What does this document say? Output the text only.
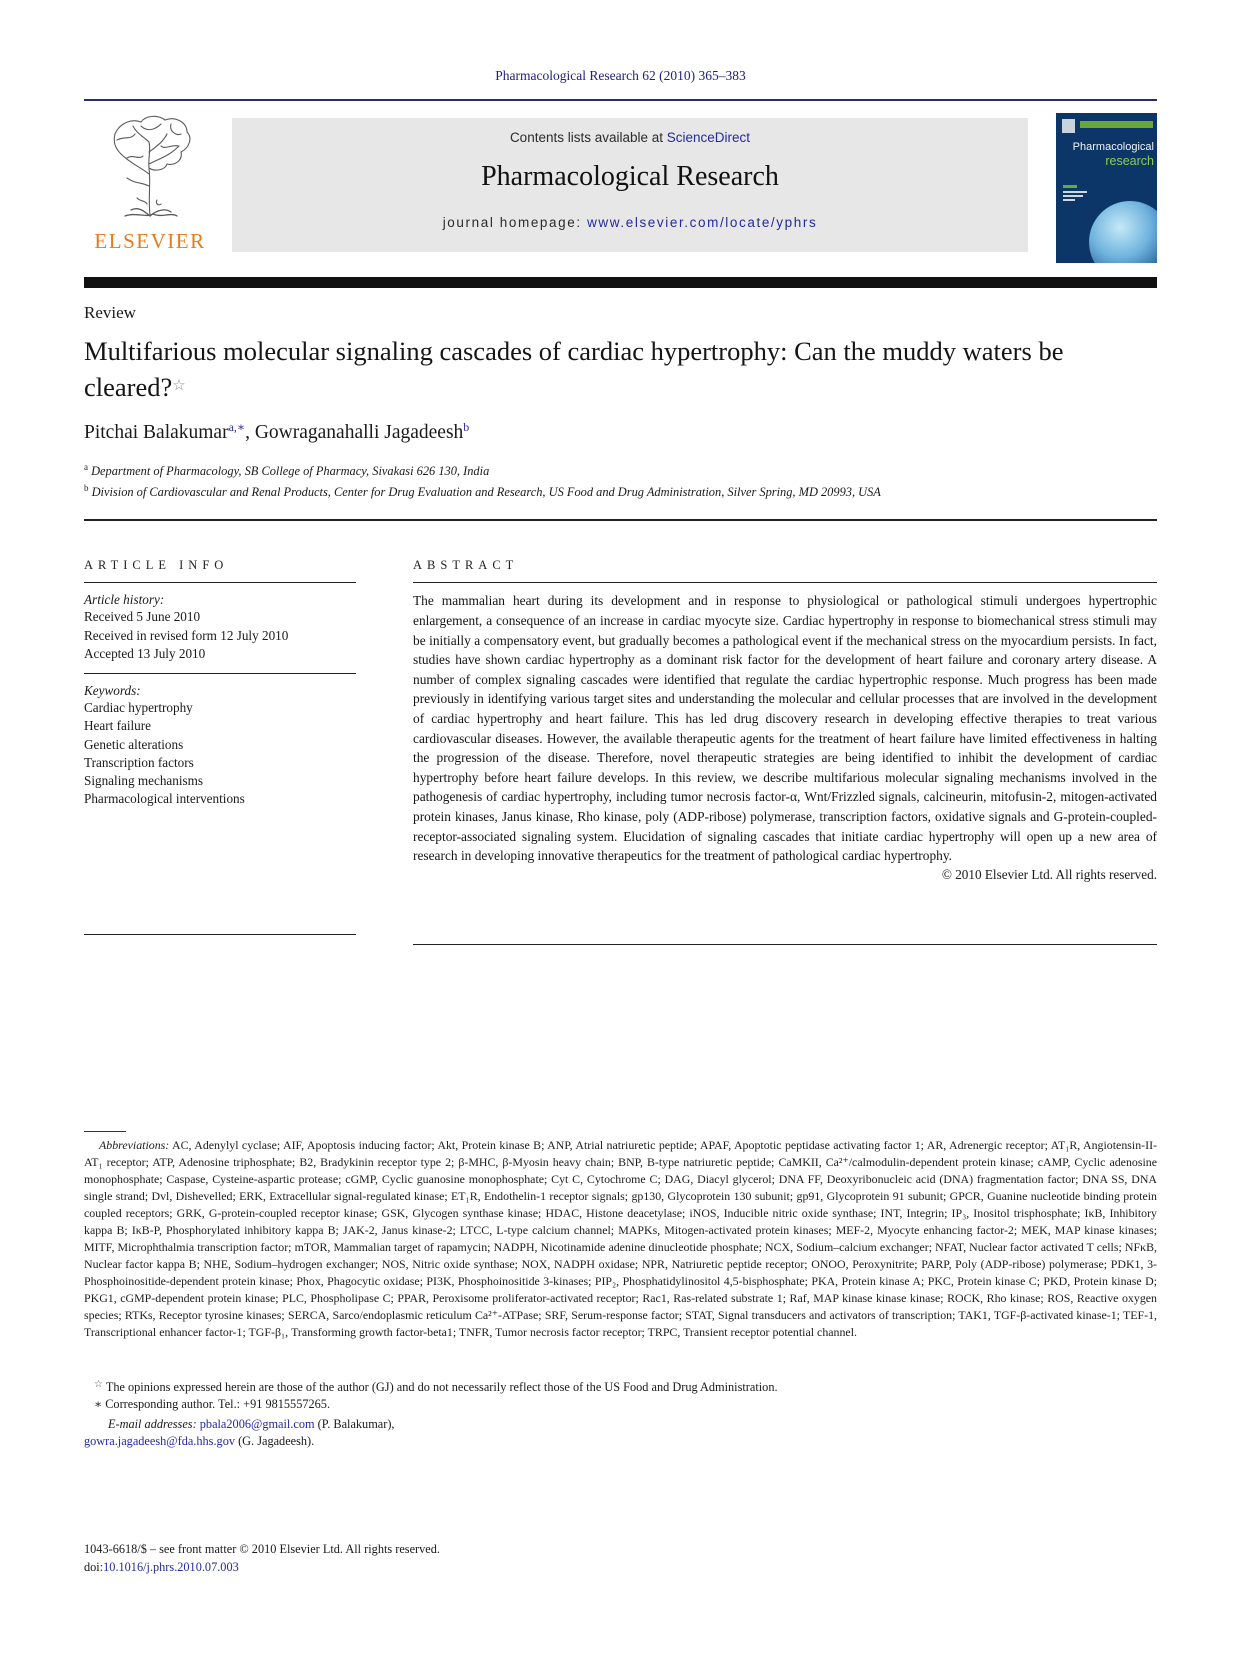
Pharmacological Research 62 (2010) 365–383
ELSEVIER
Contents lists available at ScienceDirect
Pharmacological Research
journal homepage: www.elsevier.com/locate/yphrs
Pharmacological
research
Review
Multifarious molecular signaling cascades of cardiac hypertrophy: Can the muddy waters be cleared?☆
Pitchai Balakumar$^{a,∗}$, Gowraganahalli Jagadeesh$^b$
$^a$ Department of Pharmacology, SB College of Pharmacy, Sivakasi 626 130, India
$^b$ Division of Cardiovascular and Renal Products, Center for Drug Evaluation and Research, US Food and Drug Administration, Silver Spring, MD 20993, USA
ARTICLE INFO
Article history:
Received 5 June 2010
Received in revised form 12 July 2010
Accepted 13 July 2010
Keywords:
Cardiac hypertrophy
Heart failure
Genetic alterations
Transcription factors
Signaling mechanisms
Pharmacological interventions
ABSTRACT
The mammalian heart during its development and in response to physiological or pathological stimuli undergoes hypertrophic enlargement, a consequence of an increase in cardiac myocyte size. Cardiac hypertrophy in response to biomechanical stress stimuli may be initially a compensatory event, but gradually becomes a pathological event if the mechanical stress on the myocardium persists. In fact, studies have shown cardiac hypertrophy as a dominant risk factor for the development of heart failure and coronary artery disease. A number of complex signaling cascades were identified that regulate the cardiac hypertrophic response. Much progress has been made previously in identifying various target sites and understanding the molecular and cellular processes that are involved in the development of cardiac hypertrophy and heart failure. This has led drug discovery research in developing effective therapies to treat various cardiovascular diseases. However, the available therapeutic agents for the treatment of heart failure have limited effectiveness in halting the progression of the disease. Therefore, novel therapeutic strategies are being identified to inhibit the development of cardiac hypertrophy before heart failure develops. In this review, we describe multifarious molecular signaling mechanisms involved in the pathogenesis of cardiac hypertrophy, including tumor necrosis factor-α, Wnt/Frizzled signals, calcineurin, mitofusin-2, mitogen-activated protein kinases, Janus kinase, Rho kinase, poly (ADP-ribose) polymerase, transcription factors, oxidative signals and G-protein-coupled-receptor-associated signaling system. Elucidation of signaling cascades that initiate cardiac hypertrophy will open up a new area of research in developing innovative therapeutics for the treatment of pathological cardiac hypertrophy.
© 2010 Elsevier Ltd. All rights reserved.
Abbreviations: AC, Adenylyl cyclase; AIF, Apoptosis inducing factor; Akt, Protein kinase B; ANP, Atrial natriuretic peptide; APAF, Apoptotic peptidase activating factor 1; AR, Adrenergic receptor; AT₁R, Angiotensin-II-AT₁ receptor; ATP, Adenosine triphosphate; B2, Bradykinin receptor type 2; β-MHC, β-Myosin heavy chain; BNP, B-type natriuretic peptide; CaMKII, Ca²⁺/calmodulin-dependent protein kinase; cAMP, Cyclic adenosine monophosphate; Caspase, Cysteine-aspartic protease; cGMP, Cyclic guanosine monophosphate; Cyt C, Cytochrome C; DAG, Diacyl glycerol; DNA FF, Deoxyribonucleic acid (DNA) fragmentation factor; DNA SS, DNA single strand; Dvl, Dishevelled; ERK, Extracellular signal-regulated kinase; ET₁R, Endothelin-1 receptor signals; gp130, Glycoprotein 130 subunit; gp91, Glycoprotein 91 subunit; GPCR, Guanine nucleotide binding protein coupled receptors; GRK, G-protein-coupled receptor kinase; GSK, Glycogen synthase kinase; HDAC, Histone deacetylase; iNOS, Inducible nitric oxide synthase; INT, Integrin; IP₃, Inositol trisphosphate; IκB, Inhibitory kappa B; IκB-P, Phosphorylated inhibitory kappa B; JAK-2, Janus kinase-2; LTCC, L-type calcium channel; MAPKs, Mitogen-activated protein kinases; MEF-2, Myocyte enhancing factor-2; MEK, MAP kinase kinases; MITF, Microphthalmia transcription factor; mTOR, Mammalian target of rapamycin; NADPH, Nicotinamide adenine dinucleotide phosphate; NCX, Sodium–calcium exchanger; NFAT, Nuclear factor activated T cells; NFκB, Nuclear factor kappa B; NHE, Sodium–hydrogen exchanger; NOS, Nitric oxide synthase; NOX, NADPH oxidase; NPR, Natriuretic peptide receptor; ONOO, Peroxynitrite; PARP, Poly (ADP-ribose) polymerase; PDK1, 3-Phosphoinositide-dependent protein kinase; Phox, Phagocytic oxidase; PI3K, Phosphoinositide 3-kinases; PIP₂, Phosphatidylinositol 4,5-bisphosphate; PKA, Protein kinase A; PKC, Protein kinase C; PKD, Protein kinase D; PKG1, cGMP-dependent protein kinase; PLC, Phospholipase C; PPAR, Peroxisome proliferator-activated receptor; Rac1, Ras-related substrate 1; Raf, MAP kinase kinase kinase; ROCK, Rho kinase; ROS, Reactive oxygen species; RTKs, Receptor tyrosine kinases; SERCA, Sarco/endoplasmic reticulum Ca²⁺-ATPase; SRF, Serum-response factor; STAT, Signal transducers and activators of transcription; TAK1, TGF-β-activated kinase-1; TEF-1, Transcriptional enhancer factor-1; TGF-β₁, Transforming growth factor-beta1; TNFR, Tumor necrosis factor receptor; TRPC, Transient receptor potential channel.
☆ The opinions expressed herein are those of the author (GJ) and do not necessarily reflect those of the US Food and Drug Administration.
∗ Corresponding author. Tel.: +91 9815557265.
E-mail addresses: pbala2006@gmail.com (P. Balakumar),
gowra.jagadeesh@fda.hhs.gov (G. Jagadeesh).
1043-6618/$ – see front matter © 2010 Elsevier Ltd. All rights reserved.
doi:10.1016/j.phrs.2010.07.003
